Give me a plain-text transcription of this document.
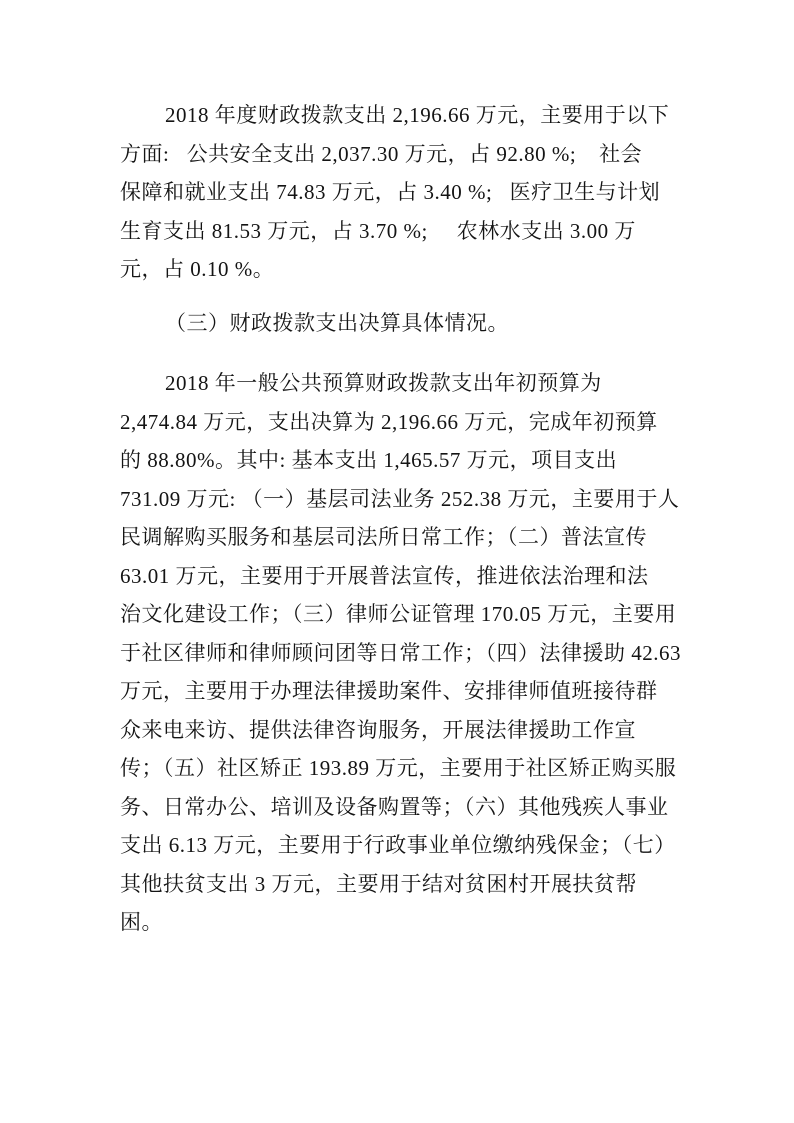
2018 年度财政拨款支出 2,196.66 万元，主要用于以下
方面:   公共安全支出 2,037.30 万元，占 92.80 %;    社会
保障和就业支出 74.83 万元，占 3.40 %;   医疗卫生与计划
生育支出 81.53 万元，占 3.70 %;     农林水支出 3.00 万
元，占 0.10 %。
（三）财政拨款支出决算具体情况。
2018 年一般公共预算财政拨款支出年初预算为
2,474.84 万元，支出决算为 2,196.66 万元，完成年初预算
的 88.80%。其中: 基本支出 1,465.57 万元，项目支出
731.09 万元: （一）基层司法业务 252.38 万元，主要用于人
民调解购买服务和基层司法所日常工作；（二）普法宣传
63.01 万元，主要用于开展普法宣传，推进依法治理和法
治文化建设工作；（三）律师公证管理 170.05 万元，主要用
于社区律师和律师顾问团等日常工作；（四）法律援助 42.63
万元，主要用于办理法律援助案件、安排律师值班接待群
众来电来访、提供法律咨询服务，开展法律援助工作宣
传；（五）社区矫正 193.89 万元，主要用于社区矫正购买服
务、日常办公、培训及设备购置等；（六）其他残疾人事业
支出 6.13 万元，主要用于行政事业单位缴纳残保金；（七）
其他扶贫支出 3 万元，主要用于结对贫困村开展扶贫帮
困。
